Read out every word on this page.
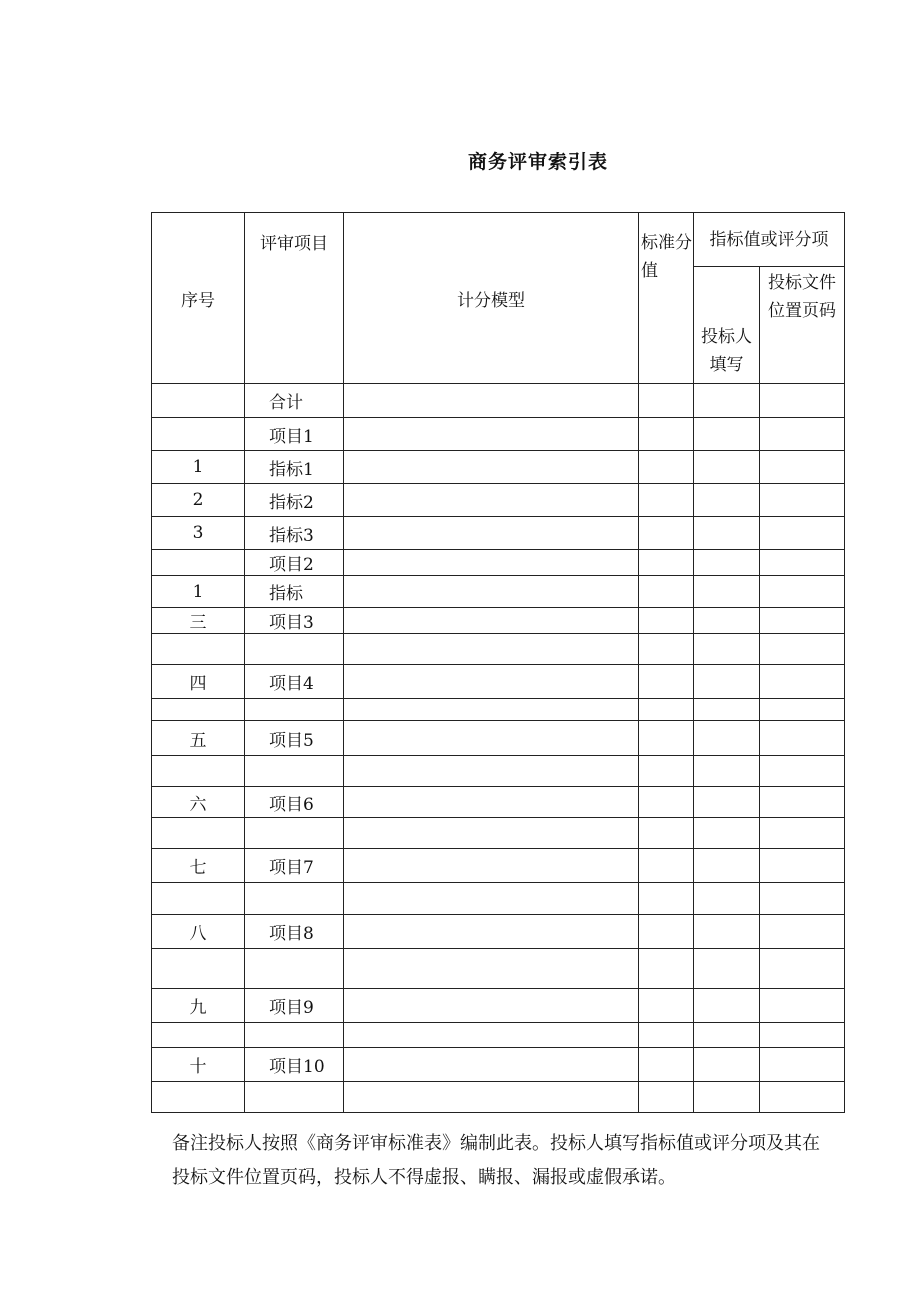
商务评审索引表
序号	评审项目	计分模型	标准分值	指标值或评分项	
				投标人填写	投标文件位置页码
	合计				
	项目1				
1	指标1				
2	指标2				
3	指标3				
	项目2				
1	指标				
三	项目3				

四	项目4				

五	项目5				

六	项目6				

七	项目7				

八	项目8				

九	项目9				

十	项目10				

备注投标人按照《商务评审标准表》编制此表。投标人填写指标值或评分项及其在投标文件位置页码，投标人不得虚报、瞒报、漏报或虚假承诺。
